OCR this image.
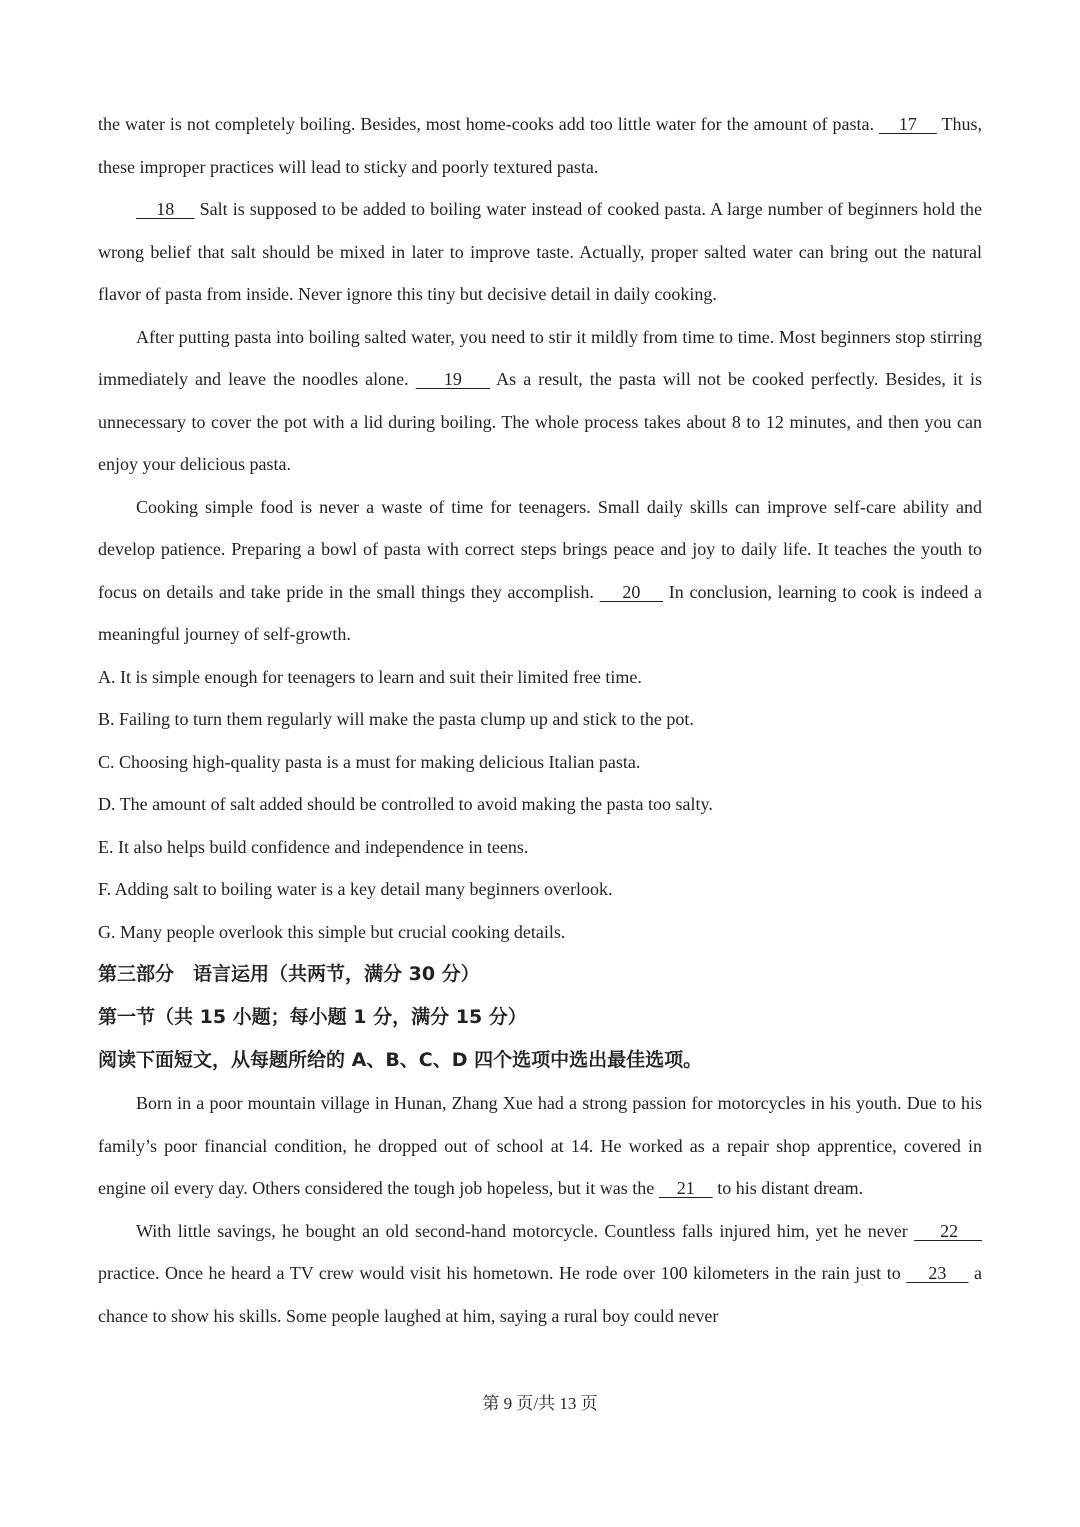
the water is not completely boiling. Besides, most home-cooks add too little water for the amount of pasta.     17     Thus, these improper practices will lead to sticky and poorly textured pasta.

18     Salt is supposed to be added to boiling water instead of cooked pasta. A large number of beginners hold the wrong belief that salt should be mixed in later to improve taste. Actually, proper salted water can bring out the natural flavor of pasta from inside. Never ignore this tiny but decisive detail in daily cooking.

After putting pasta into boiling salted water, you need to stir it mildly from time to time. Most beginners stop stirring immediately and leave the noodles alone.     19     As a result, the pasta will not be cooked perfectly. Besides, it is unnecessary to cover the pot with a lid during boiling. The whole process takes about 8 to 12 minutes, and then you can enjoy your delicious pasta.

Cooking simple food is never a waste of time for teenagers. Small daily skills can improve self-care ability and develop patience. Preparing a bowl of pasta with correct steps brings peace and joy to daily life. It teaches the youth to focus on details and take pride in the small things they accomplish.     20     In conclusion, learning to cook is indeed a meaningful journey of self-growth.

A. It is simple enough for teenagers to learn and suit their limited free time.

B. Failing to turn them regularly will make the pasta clump up and stick to the pot.

C. Choosing high-quality pasta is a must for making delicious Italian pasta.

D. The amount of salt added should be controlled to avoid making the pasta too salty.

E. It also helps build confidence and independence in teens.

F. Adding salt to boiling water is a key detail many beginners overlook.

G. Many people overlook this simple but crucial cooking details.

第三部分　语言运用（共两节，满分 30 分）

第一节（共 15 小题；每小题 1 分，满分 15 分）

阅读下面短文，从每题所给的 A、B、C、D 四个选项中选出最佳选项。

Born in a poor mountain village in Hunan, Zhang Xue had a strong passion for motorcycles in his youth. Due to his family’s poor financial condition, he dropped out of school at 14. He worked as a repair shop apprentice, covered in engine oil every day. Others considered the tough job hopeless, but it was the     21     to his distant dream.

With little savings, he bought an old second-hand motorcycle. Countless falls injured him, yet he never     22     practice. Once he heard a TV crew would visit his hometown. He rode over 100 kilometers in the rain just to     23     a chance to show his skills. Some people laughed at him, saying a rural boy could never

第 9 页/共 13 页
